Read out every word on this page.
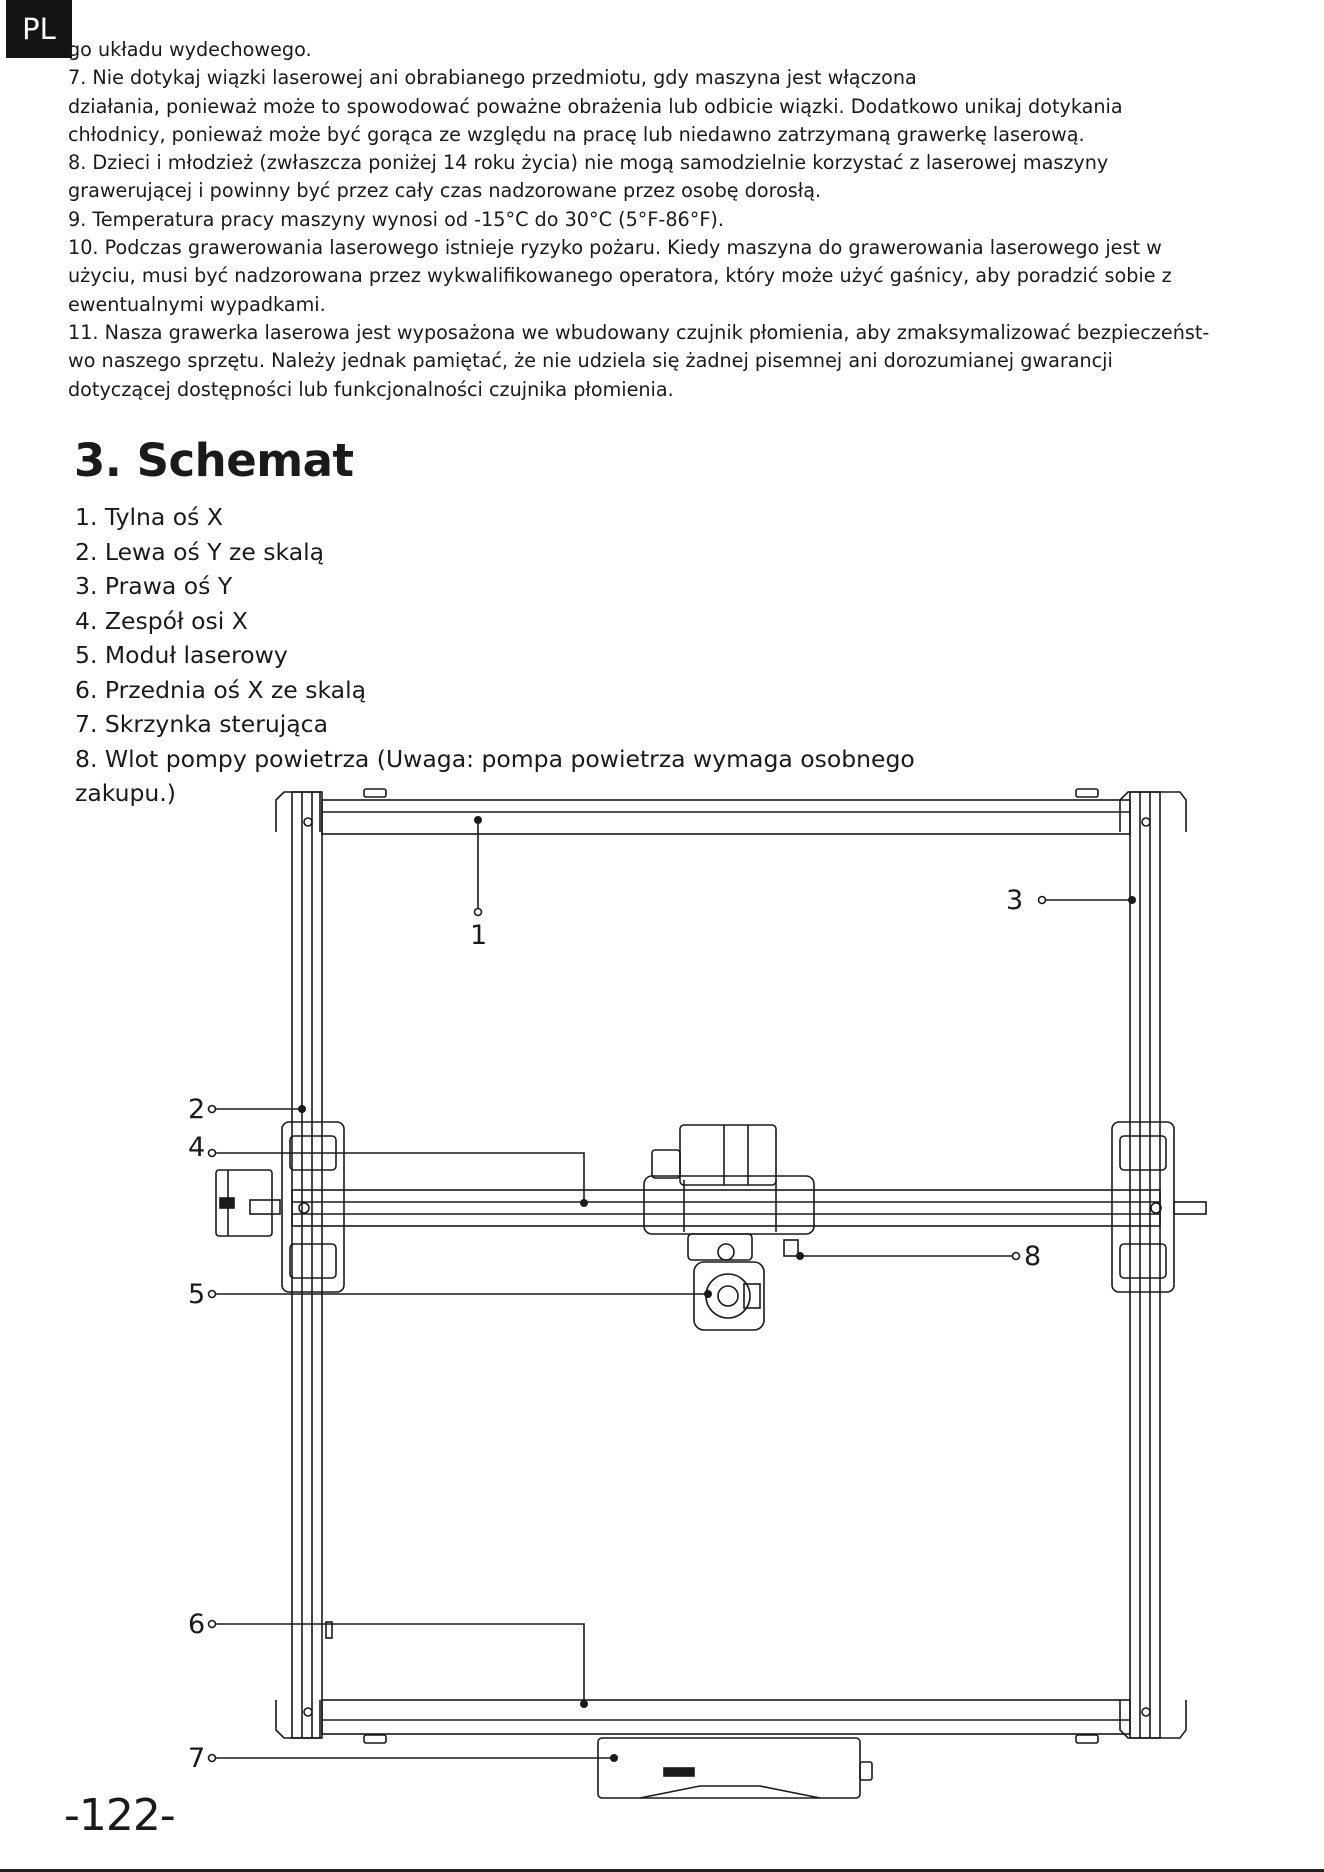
PL

go układu wydechowego.

7. Nie dotykaj wiązki laserowej ani obrabianego przedmiotu, gdy maszyna jest włączona

działania, ponieważ może to spowodować poważne obrażenia lub odbicie wiązki. Dodatkowo unikaj dotykania

chłodnicy, ponieważ może być gorąca ze względu na pracę lub niedawno zatrzymaną grawerkę laserową.

8. Dzieci i młodzież (zwłaszcza poniżej 14 roku życia) nie mogą samodzielnie korzystać z laserowej maszyny

grawerującej i powinny być przez cały czas nadzorowane przez osobę dorosłą.

9. Temperatura pracy maszyny wynosi od -15°C do 30°C (5°F-86°F).

10. Podczas grawerowania laserowego istnieje ryzyko pożaru. Kiedy maszyna do grawerowania laserowego jest w

użyciu, musi być nadzorowana przez wykwalifikowanego operatora, który może użyć gaśnicy, aby poradzić sobie z

ewentualnymi wypadkami.

11. Nasza grawerka laserowa jest wyposażona we wbudowany czujnik płomienia, aby zmaksymalizować bezpieczeńst-

wo naszego sprzętu. Należy jednak pamiętać, że nie udziela się żadnej pisemnej ani dorozumianej gwarancji

dotyczącej dostępności lub funkcjonalności czujnika płomienia.

3. Schemat
1. Tylna oś X
2. Lewa oś Y ze skalą
3. Prawa oś Y
4. Zespół osi X
5. Moduł laserowy
6. Przednia oś X ze skalą
7. Skrzynka sterująca
8. Wlot pompy powietrza (Uwaga: pompa powietrza wymaga osobnego
zakupu.)
1
2
3
4
5
6
7
8
-122-
